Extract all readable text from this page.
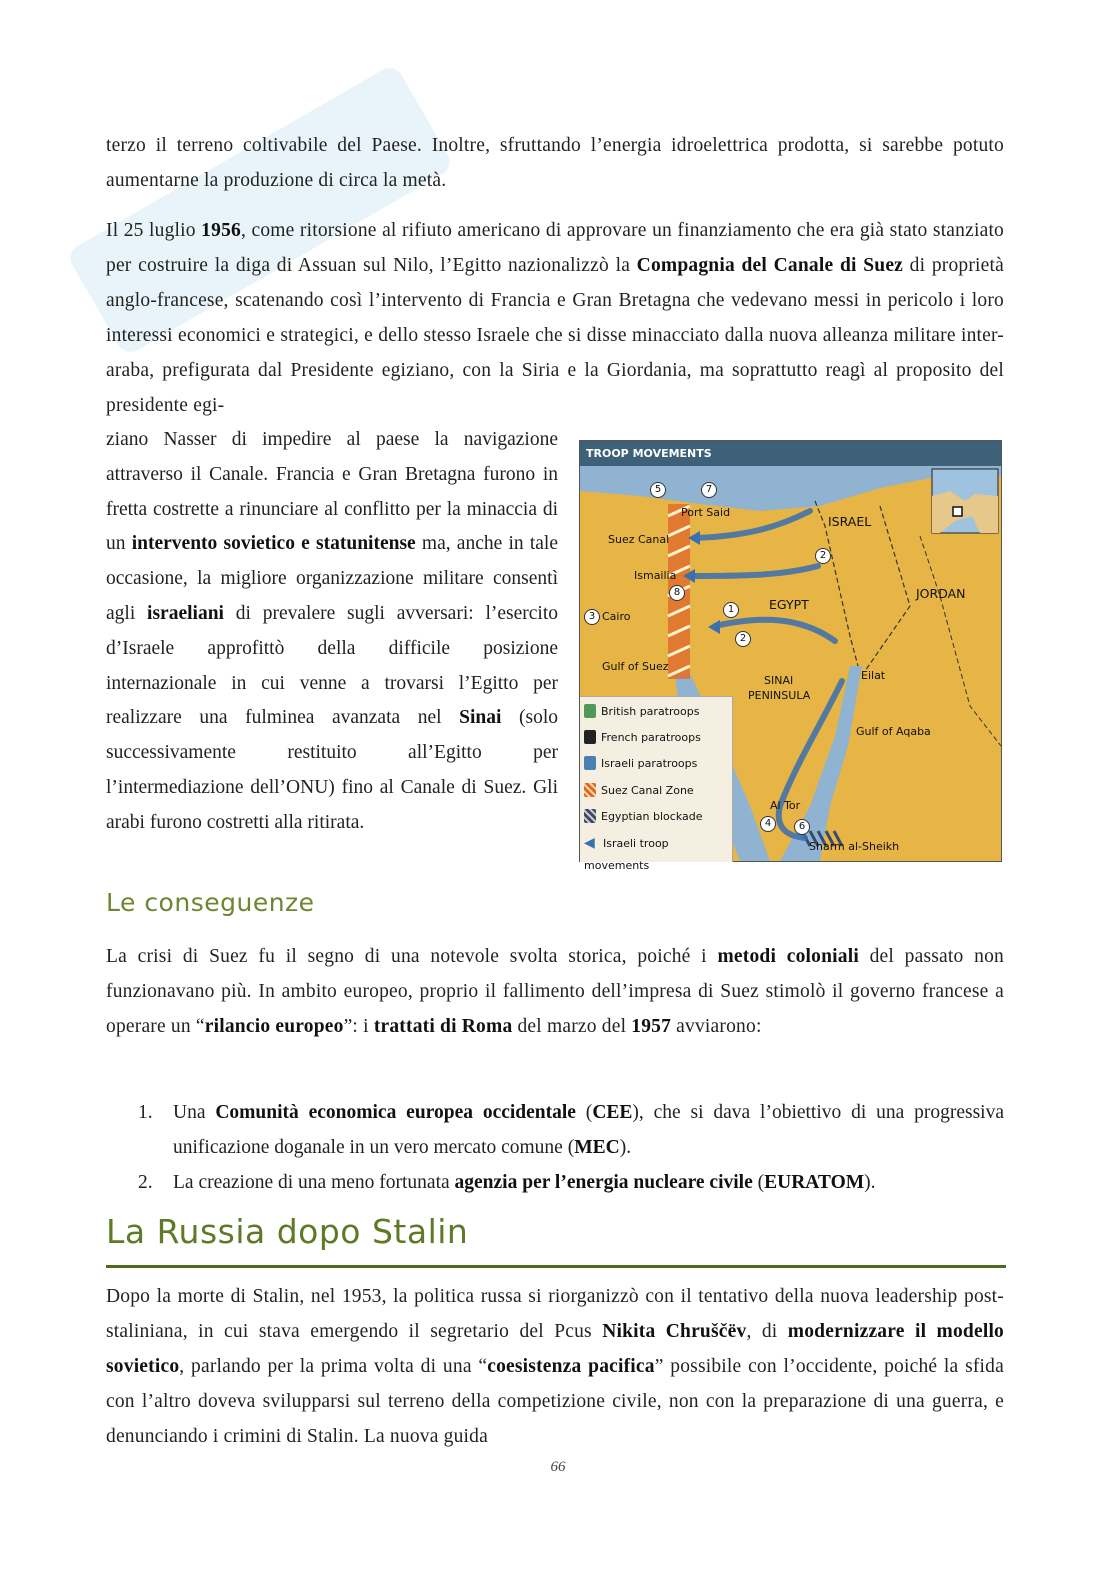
terzo il terreno coltivabile del Paese. Inoltre, sfruttando l’energia idroelettrica prodotta, si sarebbe potuto aumentarne la produzione di circa la metà.

Il 25 luglio 1956, come ritorsione al rifiuto americano di approvare un finanziamento che era già stato stanziato per costruire la diga di Assuan sul Nilo, l’Egitto nazionalizzò la Compagnia del Canale di Suez di proprietà anglo-francese, scatenando così l’intervento di Francia e Gran Bretagna che vedevano messi in pericolo i loro interessi economici e strategici, e dello stesso Israele che si disse minacciato dalla nuova alleanza militare inter-araba, prefigurata dal Presidente egiziano, con la Siria e la Giordania, ma soprattutto reagì al proposito del presidente egi-

ziano Nasser di impedire al paese la navigazione attraverso il Canale. Francia e Gran Bretagna furono in fretta costrette a rinunciare al conflitto per la minaccia di un intervento sovietico e statunitense ma, anche in tale occasione, la migliore organizzazione militare consentì agli israeliani di prevalere sugli avversari: l’esercito d’Israele approfittò della difficile posizione internazionale in cui venne a trovarsi l’Egitto per realizzare una fulminea avanzata nel Sinai (solo successivamente restituito all’Egitto per l’intermediazione dell’ONU) fino al Canale di Suez. Gli arabi furono costretti alla ritirata.

TROOP MOVEMENTS
Port Said
Suez Canal
Ismailia
Cairo
Gulf of Suez
ISRAEL
EGYPT
JORDAN
SINAI
PENINSULA
Eilat
Gulf of Aqaba
Al Tor
Sharm al-Sheikh
5	7
2
8
3
1
2
4	6
British paratroops
French paratroops
Israeli paratroops
Suez Canal Zone
Egyptian blockade
◀ Israeli troop movements
Le conseguenze

La crisi di Suez fu il segno di una notevole svolta storica, poiché i metodi coloniali del passato non funzionavano più. In ambito europeo, proprio il fallimento dell’impresa di Suez stimolò il governo francese a operare un “rilancio europeo”: i trattati di Roma del marzo del 1957 avviarono:

1. Una Comunità economica europea occidentale (CEE), che si dava l’obiettivo di una progressiva unificazione doganale in un vero mercato comune (MEC).
2. La creazione di una meno fortunata agenzia per l’energia nucleare civile (EURATOM).
La Russia dopo Stalin

Dopo la morte di Stalin, nel 1953, la politica russa si riorganizzò con il tentativo della nuova leadership post-staliniana, in cui stava emergendo il segretario del Pcus Nikita Chruščëv, di modernizzare il modello sovietico, parlando per la prima volta di una “coesistenza pacifica” possibile con l’occidente, poiché la sfida con l’altro doveva svilupparsi sul terreno della competizione civile, non con la preparazione di una guerra, e denunciando i crimini di Stalin. La nuova guida

66
